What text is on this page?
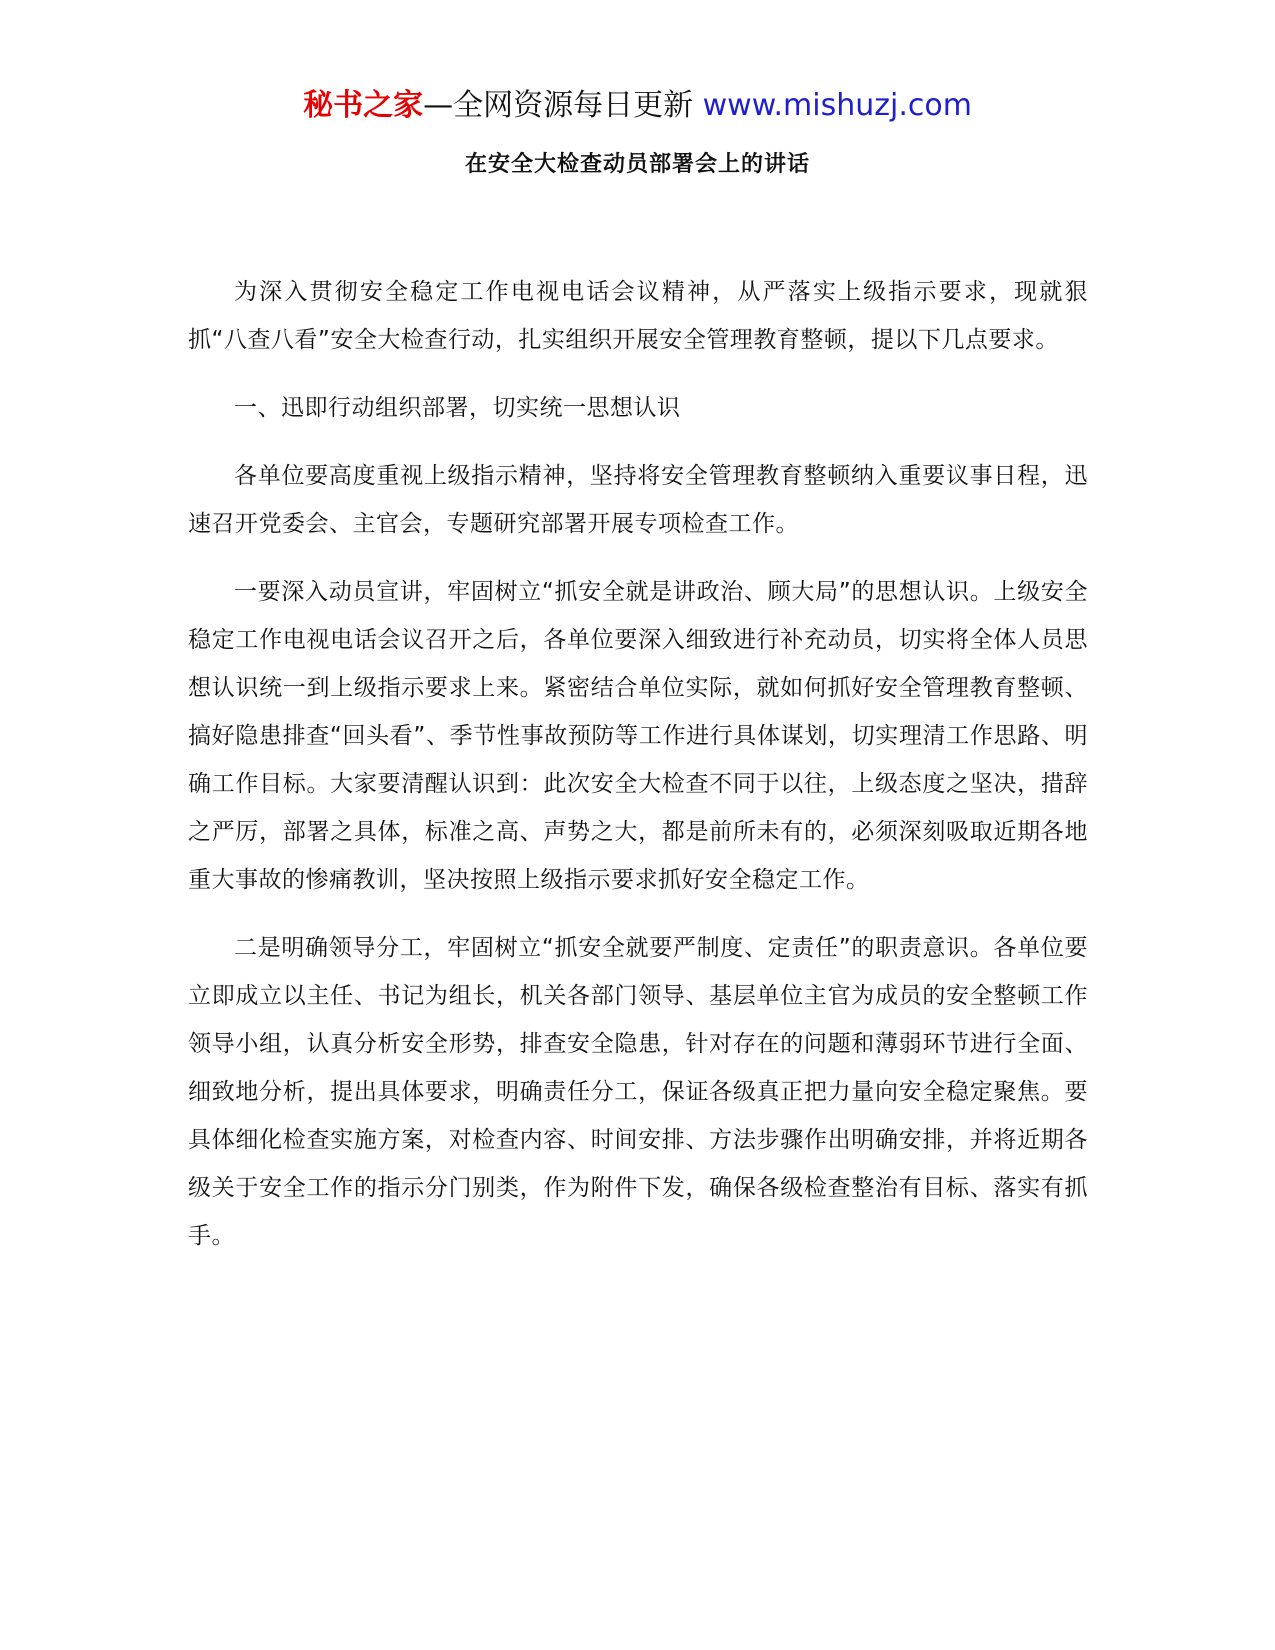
秘书之家—全网资源每日更新 www.mishuzj.com
在安全大检查动员部署会上的讲话

为深入贯彻安全稳定工作电视电话会议精神，从严落实上级指示要求，现就狠抓“八查八看”安全大检查行动，扎实组织开展安全管理教育整顿，提以下几点要求。

一、迅即行动组织部署，切实统一思想认识

各单位要高度重视上级指示精神，坚持将安全管理教育整顿纳入重要议事日程，迅速召开党委会、主官会，专题研究部署开展专项检查工作。

一要深入动员宣讲，牢固树立“抓安全就是讲政治、顾大局”的思想认识。上级安全稳定工作电视电话会议召开之后，各单位要深入细致进行补充动员，切实将全体人员思想认识统一到上级指示要求上来。紧密结合单位实际，就如何抓好安全管理教育整顿、搞好隐患排查“回头看”、季节性事故预防等工作进行具体谋划，切实理清工作思路、明确工作目标。大家要清醒认识到：此次安全大检查不同于以往，上级态度之坚决，措辞之严厉，部署之具体，标准之高、声势之大，都是前所未有的，必须深刻吸取近期各地重大事故的惨痛教训，坚决按照上级指示要求抓好安全稳定工作。

二是明确领导分工，牢固树立“抓安全就要严制度、定责任”的职责意识。各单位要立即成立以主任、书记为组长，机关各部门领导、基层单位主官为成员的安全整顿工作领导小组，认真分析安全形势，排查安全隐患，针对存在的问题和薄弱环节进行全面、细致地分析，提出具体要求，明确责任分工，保证各级真正把力量向安全稳定聚焦。要具体细化检查实施方案，对检查内容、时间安排、方法步骤作出明确安排，并将近期各级关于安全工作的指示分门别类，作为附件下发，确保各级检查整治有目标、落实有抓手。
